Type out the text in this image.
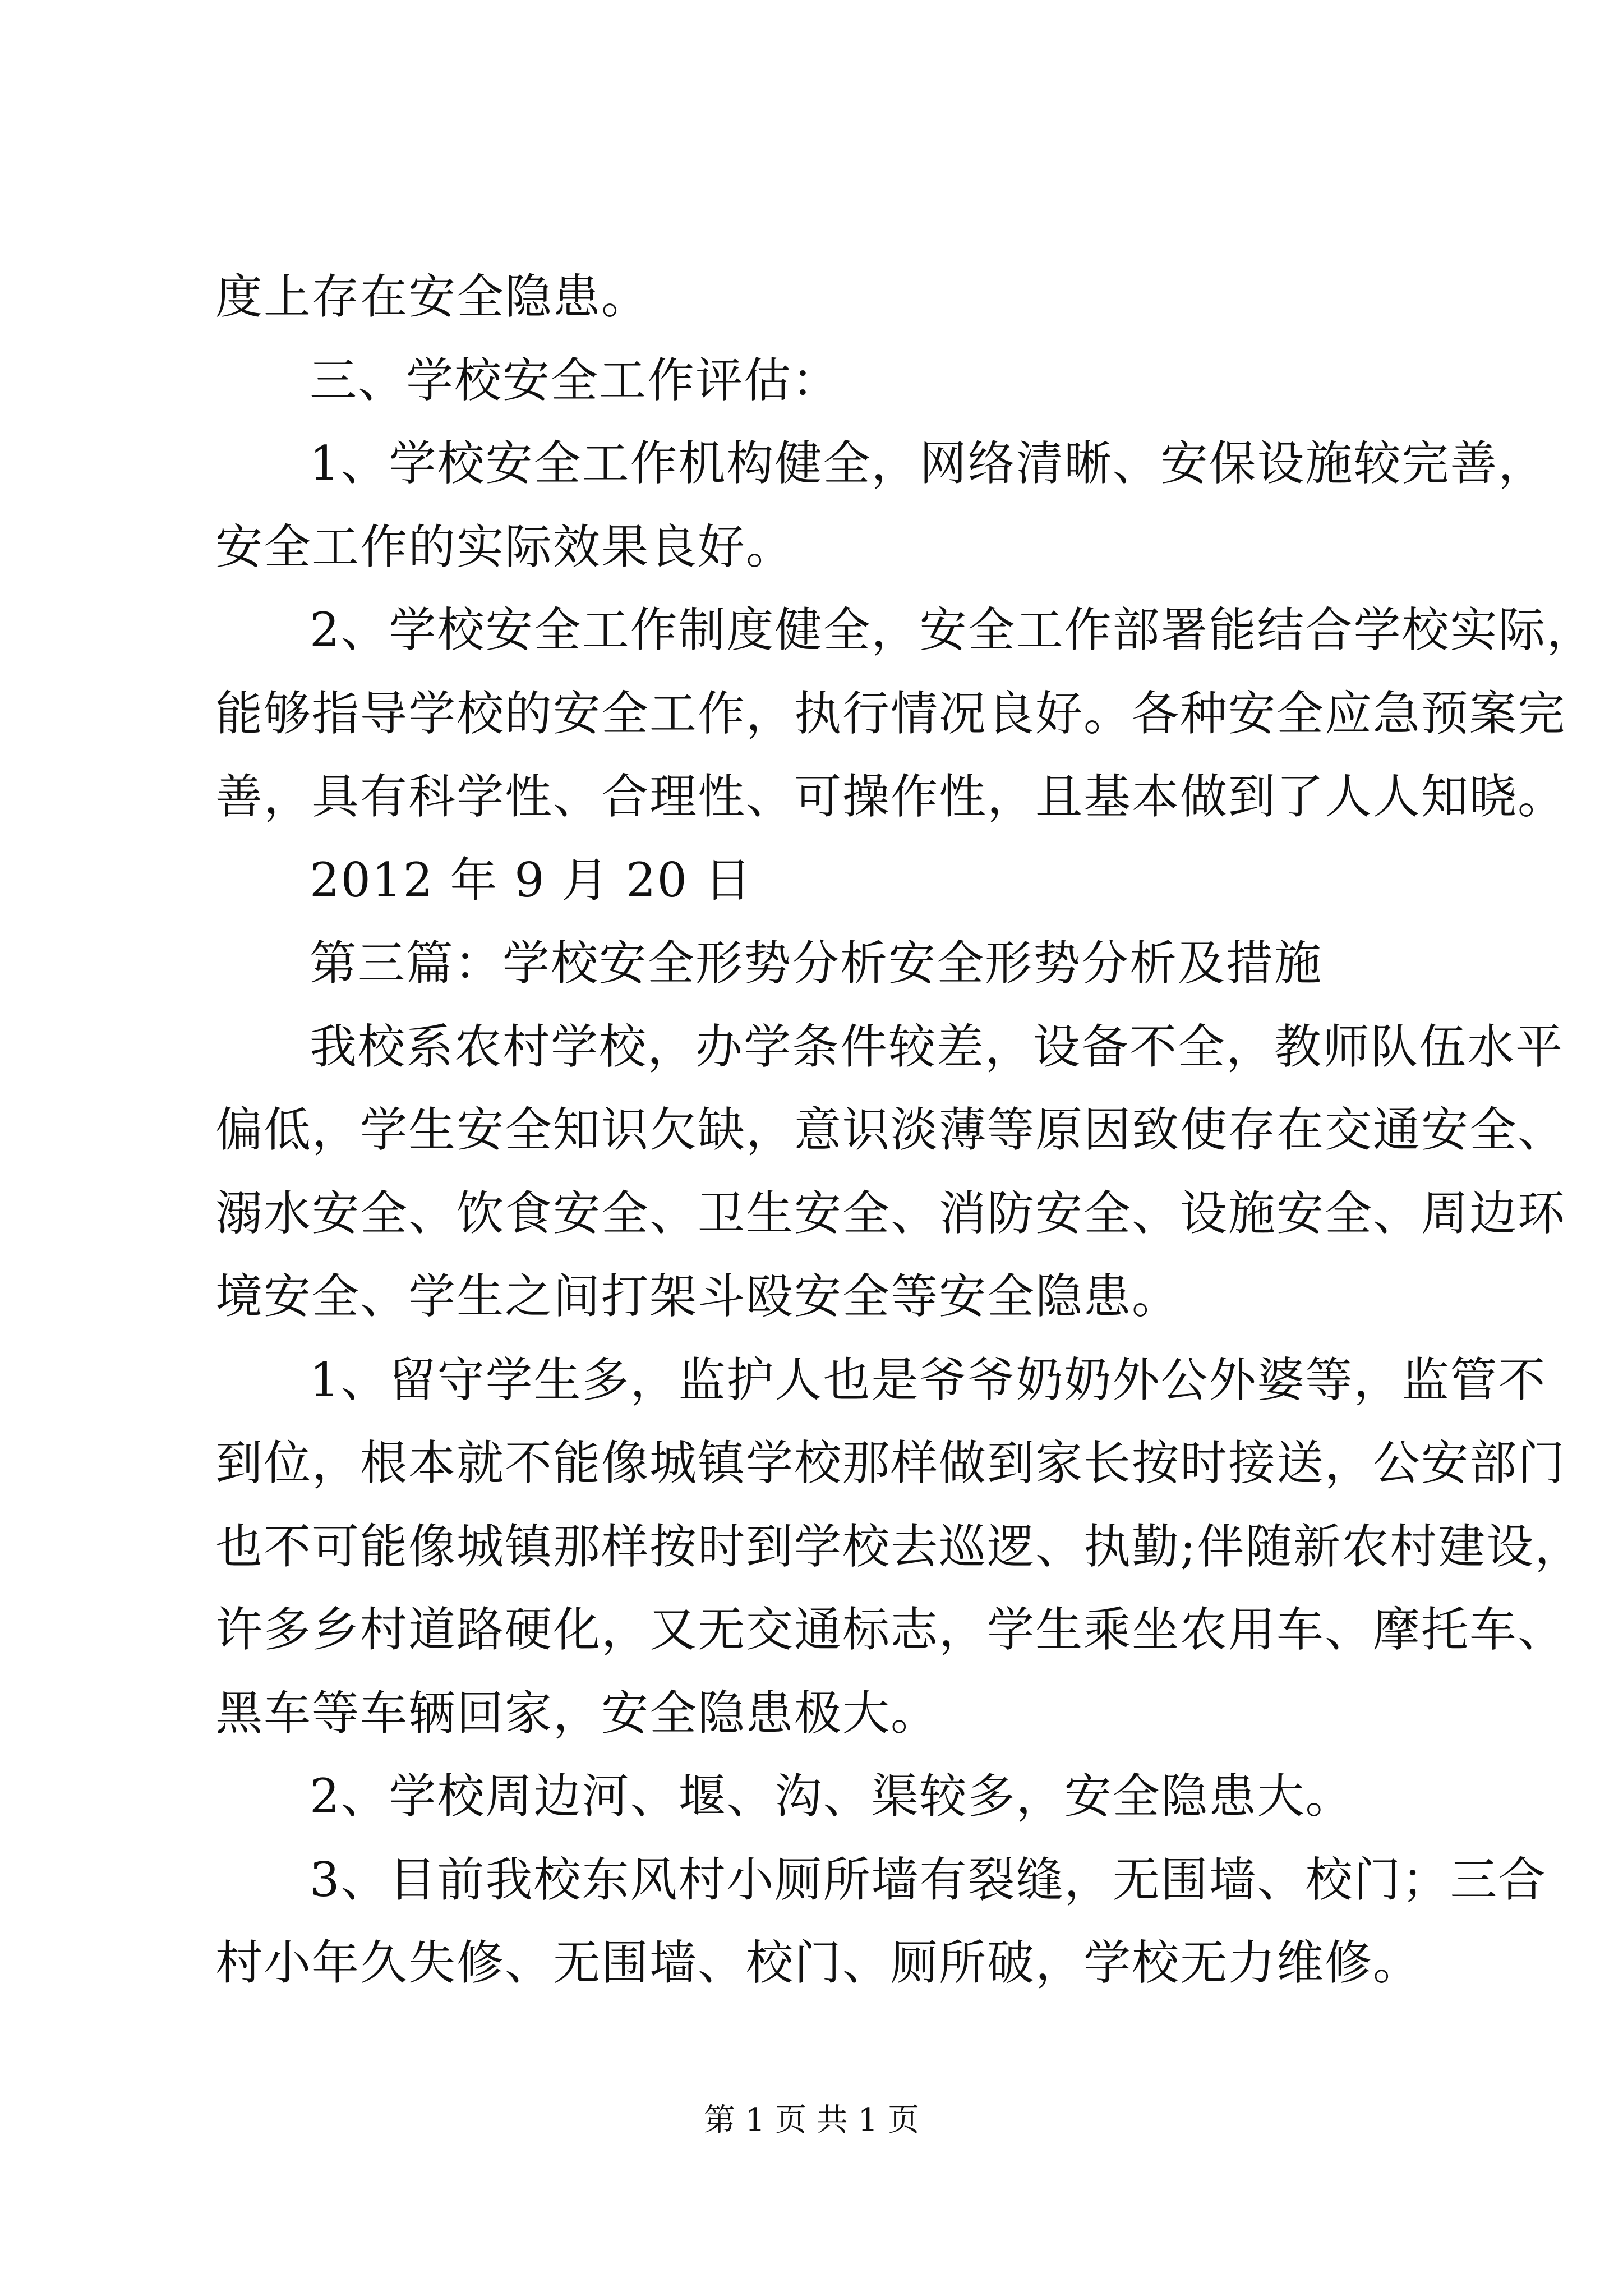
度上存在安全隐患。

三、学校安全工作评估：

1、学校安全工作机构健全，网络清晰、安保设施较完善，

安全工作的实际效果良好。

2、学校安全工作制度健全，安全工作部署能结合学校实际，

能够指导学校的安全工作，执行情况良好。各种安全应急预案完

善，具有科学性、合理性、可操作性，且基本做到了人人知晓。

2012 年 9 月 20 日

第三篇：学校安全形势分析安全形势分析及措施

我校系农村学校，办学条件较差，设备不全，教师队伍水平

偏低，学生安全知识欠缺，意识淡薄等原因致使存在交通安全、

溺水安全、饮食安全、卫生安全、消防安全、设施安全、周边环

境安全、学生之间打架斗殴安全等安全隐患。

1、留守学生多，监护人也是爷爷奶奶外公外婆等，监管不

到位，根本就不能像城镇学校那样做到家长按时接送，公安部门

也不可能像城镇那样按时到学校去巡逻、执勤;伴随新农村建设，

许多乡村道路硬化，又无交通标志，学生乘坐农用车、摩托车、

黑车等车辆回家，安全隐患极大。

2、学校周边河、堰、沟、渠较多，安全隐患大。

3、目前我校东风村小厕所墙有裂缝，无围墙、校门；三合

村小年久失修、无围墙、校门、厕所破，学校无力维修。

第 1 页 共 1 页
